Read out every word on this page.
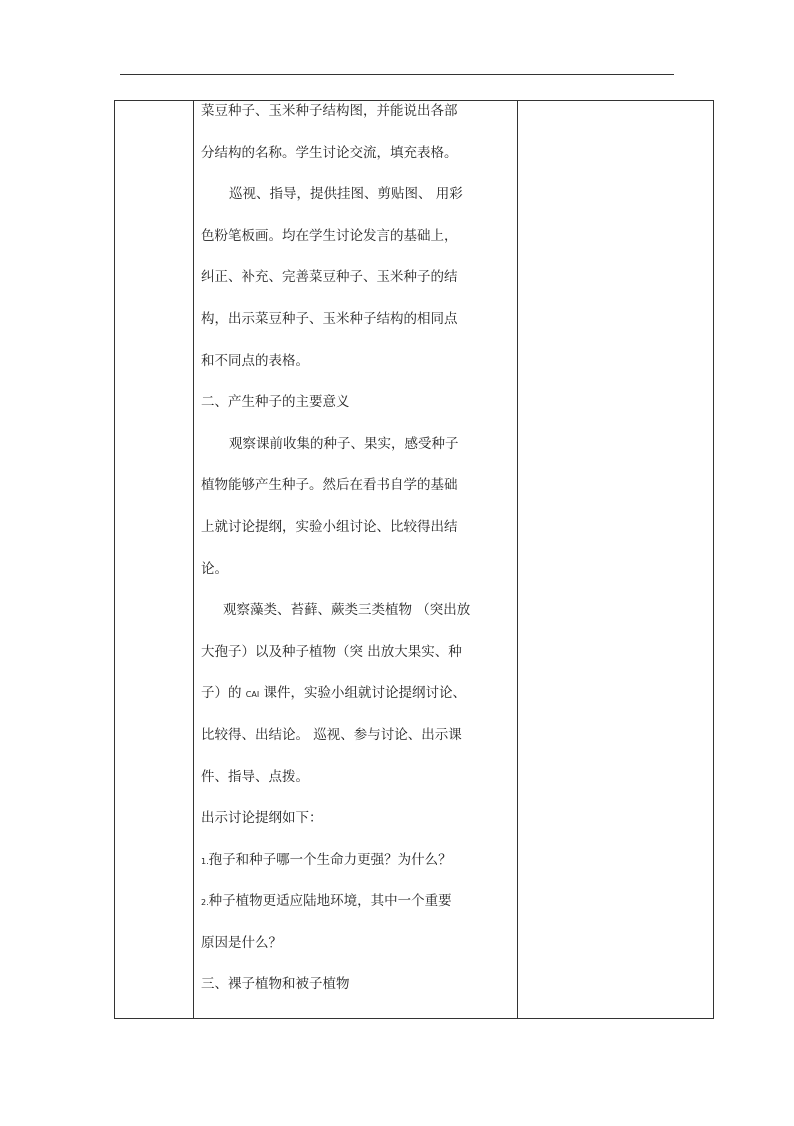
菜豆种子、玉米种子结构图，并能说出各部
分结构的名称。学生讨论交流，填充表格。
巡视、指导，提供挂图、剪贴图、 用彩
色粉笔板画。均在学生讨论发言的基础上，
纠正、补充、完善菜豆种子、玉米种子的结
构，出示菜豆种子、玉米种子结构的相同点
和不同点的表格。
二、产生种子的主要意义
观察课前收集的种子、果实，感受种子
植物能够产生种子。然后在看书自学的基础
上就讨论提纲，实验小组讨论、比较得出结
论。
观察藻类、苔藓、蕨类三类植物 （突出放
大孢子）以及种子植物（突 出放大果实、种
子）的 CAI 课件，实验小组就讨论提纲讨论、
比较得、出结论。 巡视、参与讨论、出示课
件、指导、点拨。
出示讨论提纲如下：
1.孢子和种子哪一个生命力更强？为什么？
2.种子植物更适应陆地环境，其中一个重要
原因是什么？
三、裸子植物和被子植物
